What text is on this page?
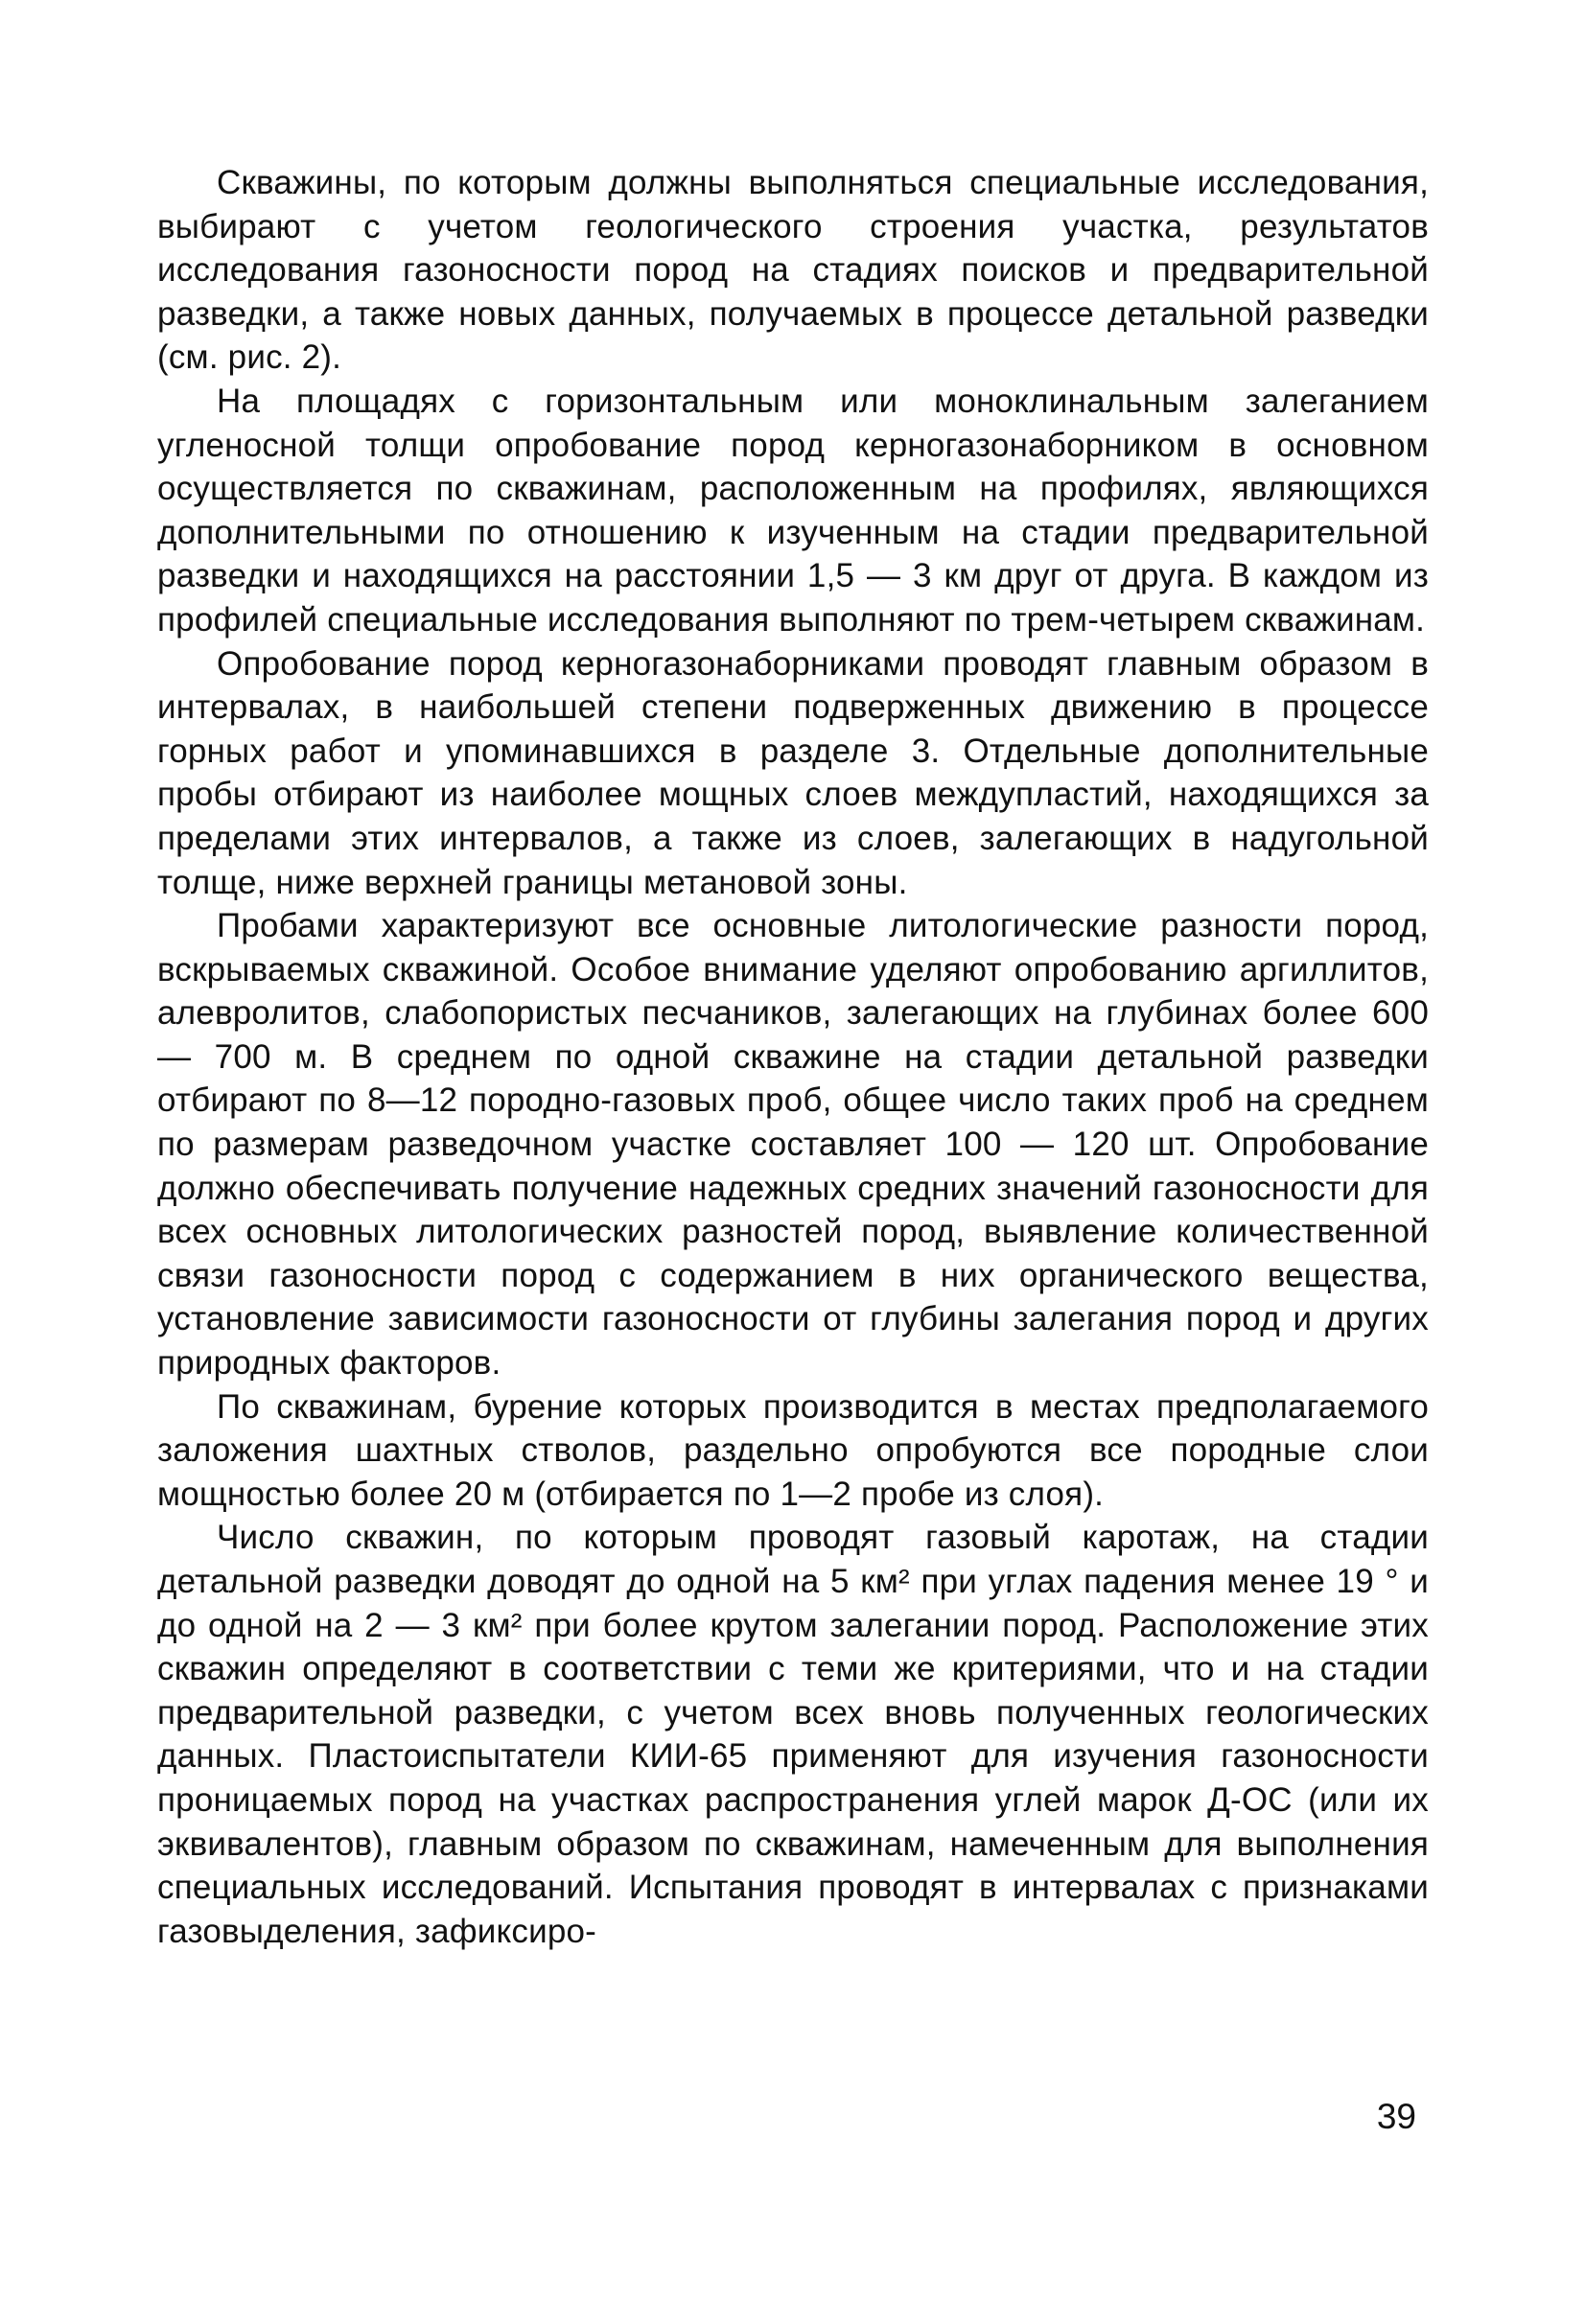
Скважины, по которым должны выполняться специальные исследования, выбирают с учетом геологического строения участка, результатов исследования газоносности пород на стадиях поисков и предварительной разведки, а также новых данных, получаемых в процессе детальной разведки (см. рис. 2).

На площадях с горизонтальным или моноклинальным залеганием угленосной толщи опробование пород керногазонаборником в основном осуществляется по скважинам, расположенным на профилях, являющихся дополнительными по отношению к изученным на стадии предварительной разведки и находящихся на расстоянии 1,5 — 3 км друг от друга. В каждом из профилей специальные исследования выполняют по трем-четырем скважинам.

Опробование пород керногазонаборниками проводят главным образом в интервалах, в наибольшей степени подверженных движению в процессе горных работ и упоминавшихся в разделе 3. Отдельные дополнительные пробы отбирают из наиболее мощных слоев междупластий, находящихся за пределами этих интервалов, а также из слоев, залегающих в надугольной толще, ниже верхней границы метановой зоны.

Пробами характеризуют все основные литологические разности пород, вскрываемых скважиной. Особое внимание уделяют опробованию аргиллитов, алевролитов, слабопористых песчаников, залегающих на глубинах более 600 — 700 м. В среднем по одной скважине на стадии детальной разведки отбирают по 8—12 породно-газовых проб, общее число таких проб на среднем по размерам разведочном участке составляет 100 — 120 шт. Опробование должно обеспечивать получение надежных средних значений газоносности для всех основных литологических разностей пород, выявление количественной связи газоносности пород с содержанием в них органического вещества, установление зависимости газоносности от глубины залегания пород и других природных факторов.

По скважинам, бурение которых производится в местах предполагаемого заложения шахтных стволов, раздельно опробуются все породные слои мощностью более 20 м (отбирается по 1—2 пробе из слоя).

Число скважин, по которым проводят газовый каротаж, на стадии детальной разведки доводят до одной на 5 км² при углах падения менее 19 ° и до одной на 2 — 3 км² при более крутом залегании пород. Расположение этих скважин определяют в соответствии с теми же критериями, что и на стадии предварительной разведки, с учетом всех вновь полученных геологических данных. Пластоиспытатели КИИ-65 применяют для изучения газоносности проницаемых пород на участках распространения углей марок Д-ОС (или их эквивалентов), главным образом по скважинам, намеченным для выполнения специальных исследований. Испытания проводят в интервалах с признаками газовыделения, зафиксиро-

39
